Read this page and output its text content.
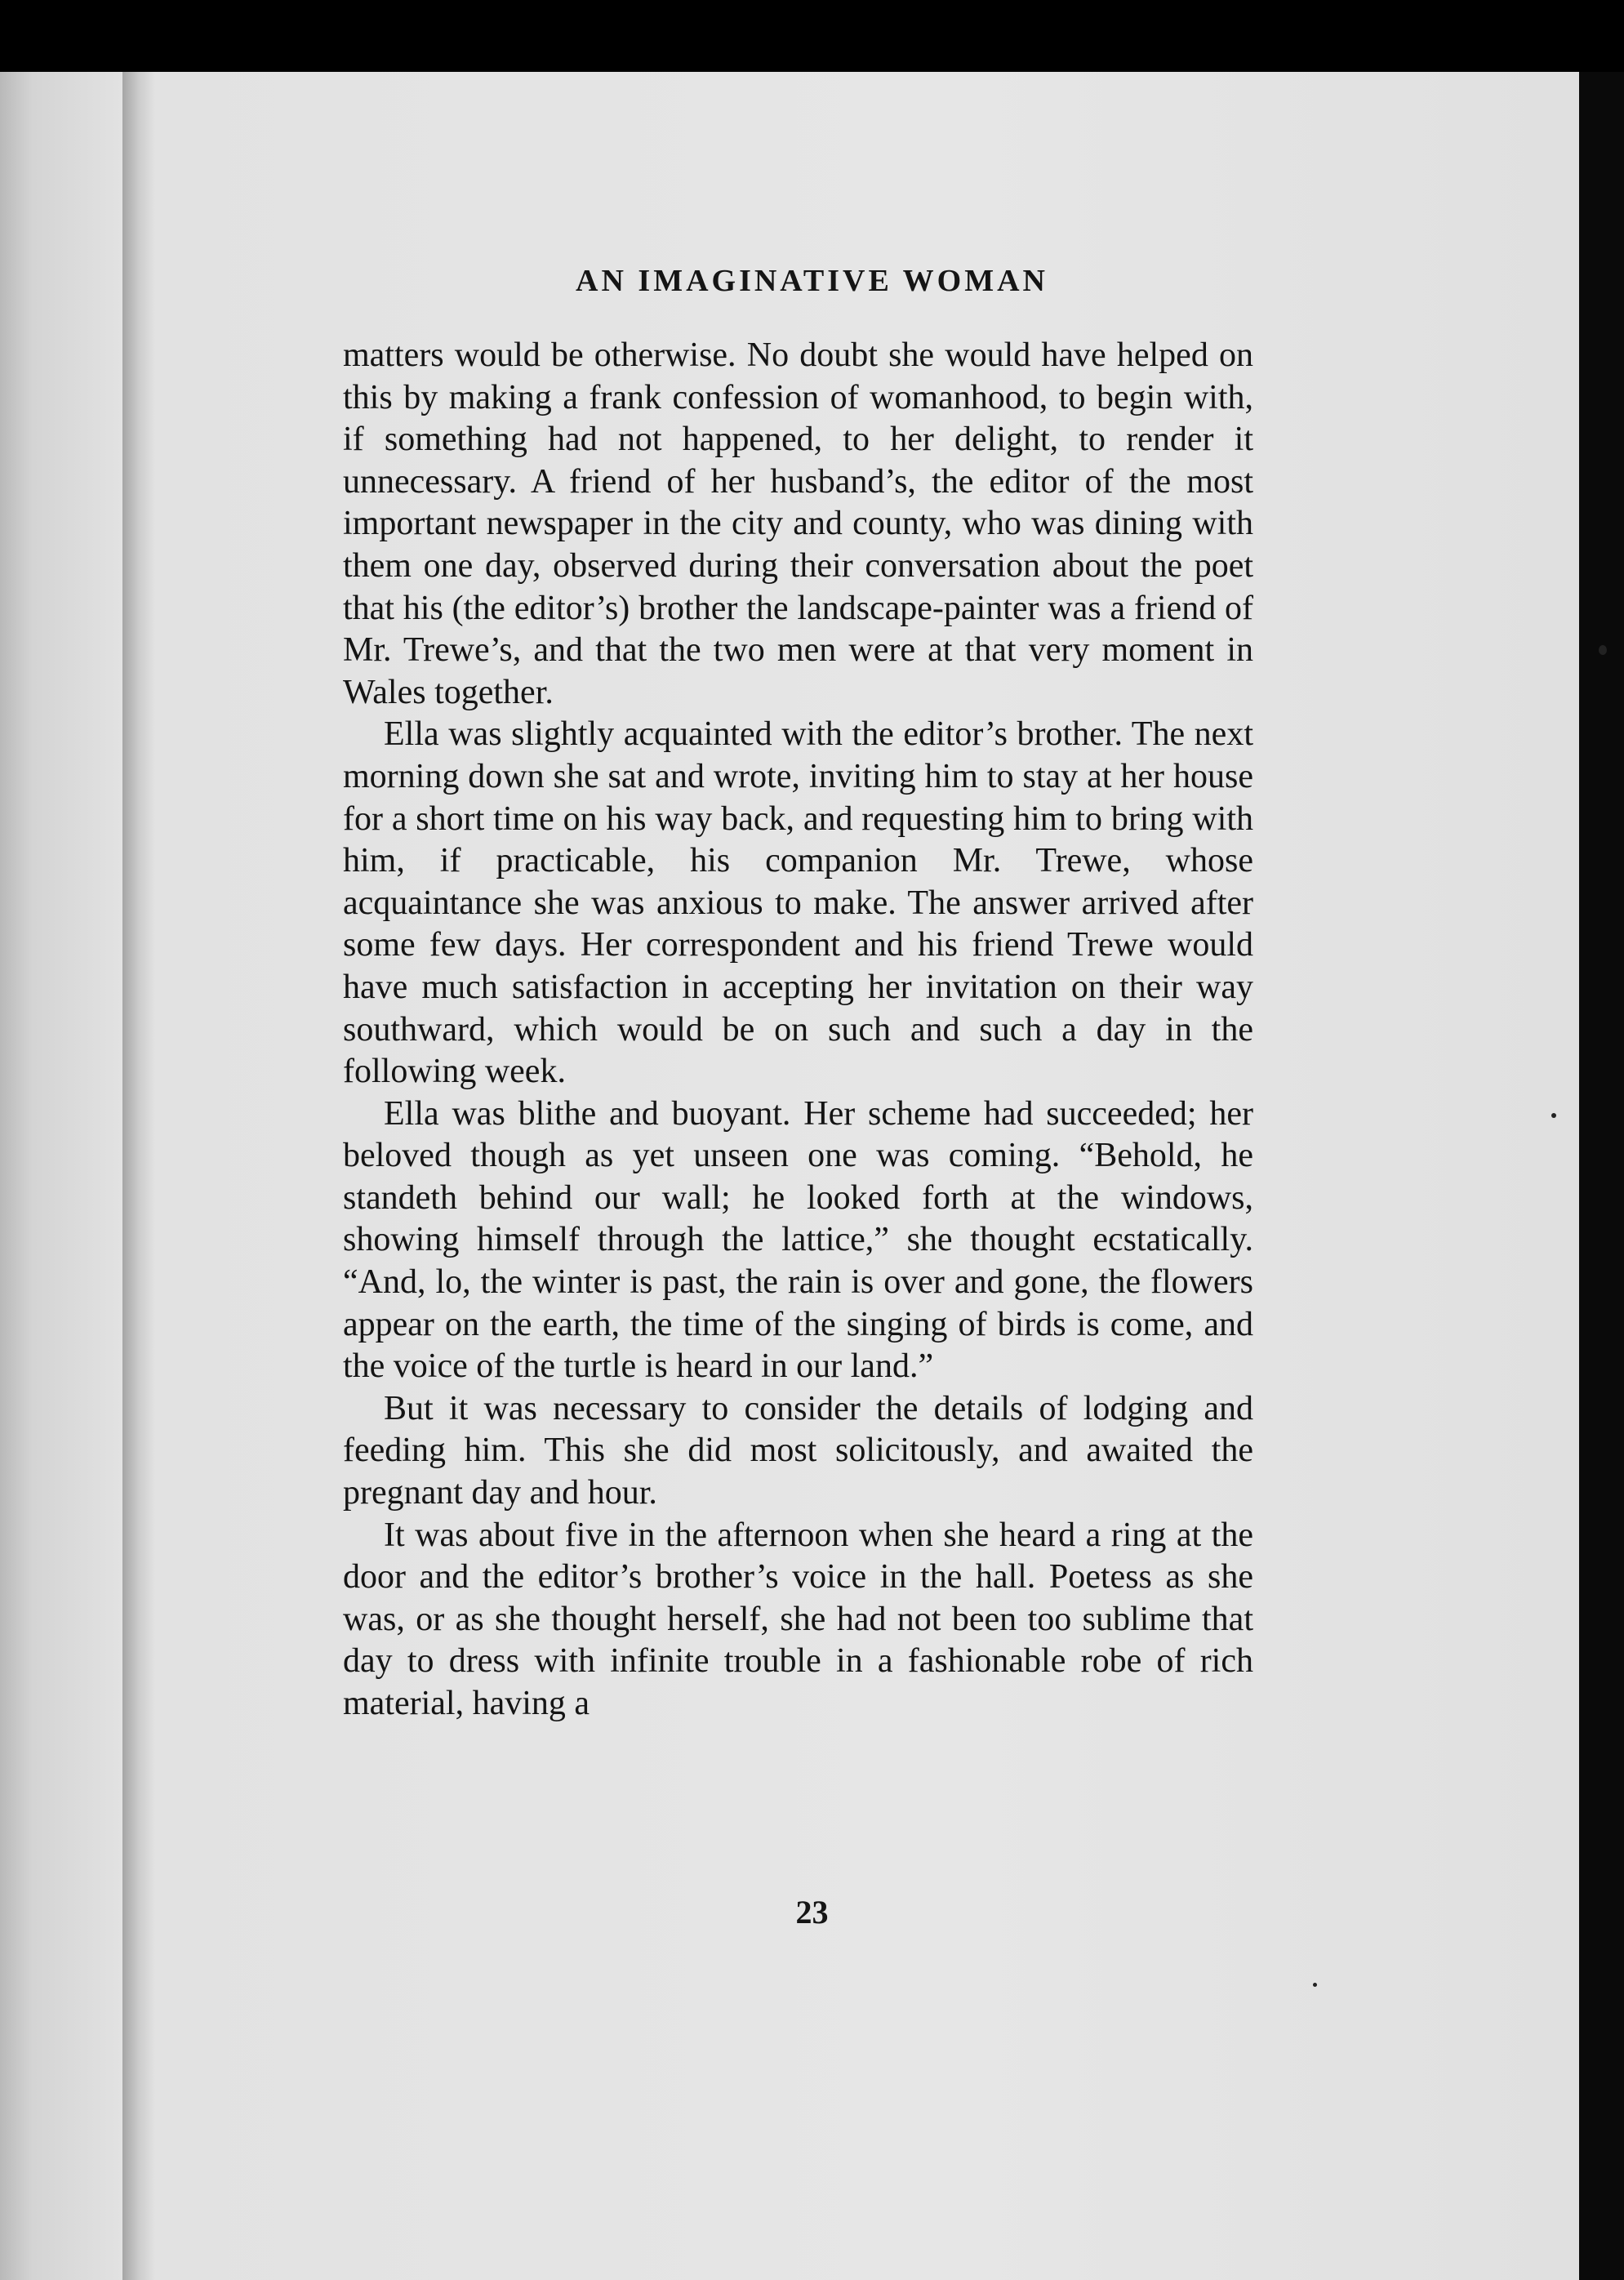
AN IMAGINATIVE WOMAN

matters would be otherwise. No doubt she would have helped on this by making a frank confession of womanhood, to begin with, if something had not happened, to her delight, to render it unnecessary. A friend of her husband’s, the editor of the most important newspaper in the city and county, who was dining with them one day, observed during their conversation about the poet that his (the editor’s) brother the landscape-painter was a friend of Mr. Trewe’s, and that the two men were at that very moment in Wales together.

Ella was slightly acquainted with the editor’s brother. The next morning down she sat and wrote, inviting him to stay at her house for a short time on his way back, and requesting him to bring with him, if practicable, his companion Mr. Trewe, whose acquaintance she was anxious to make. The answer arrived after some few days. Her correspondent and his friend Trewe would have much satisfaction in accepting her invitation on their way southward, which would be on such and such a day in the following week.

Ella was blithe and buoyant. Her scheme had succeeded; her beloved though as yet unseen one was coming. “Behold, he standeth behind our wall; he looked forth at the windows, showing himself through the lattice,” she thought ecstatically. “And, lo, the winter is past, the rain is over and gone, the flowers appear on the earth, the time of the singing of birds is come, and the voice of the turtle is heard in our land.”

But it was necessary to consider the details of lodging and feeding him. This she did most solicitously, and awaited the pregnant day and hour.

It was about five in the afternoon when she heard a ring at the door and the editor’s brother’s voice in the hall. Poetess as she was, or as she thought herself, she had not been too sublime that day to dress with infinite trouble in a fashionable robe of rich material, having a

23
